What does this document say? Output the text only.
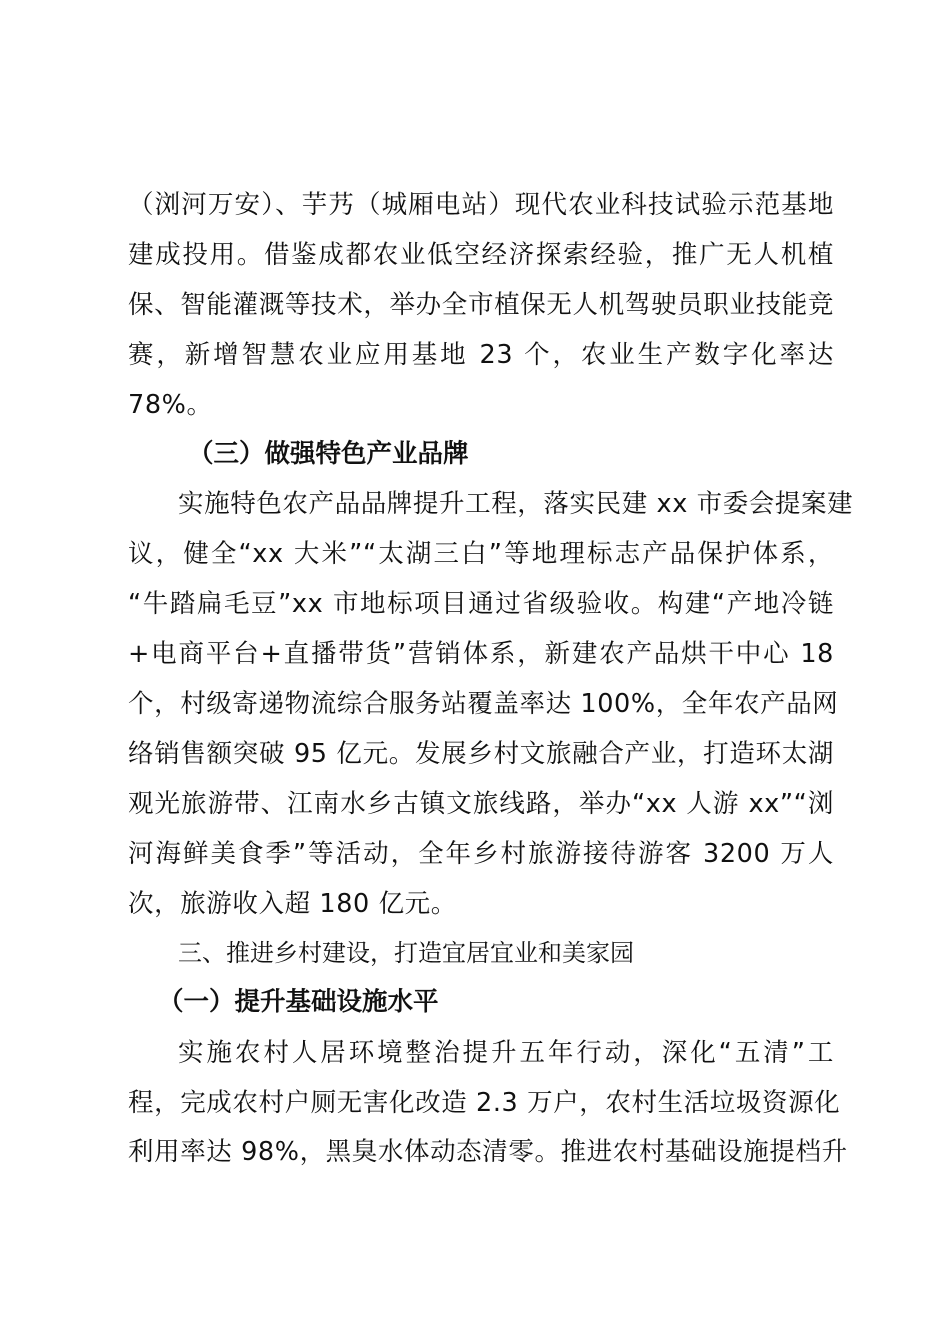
（浏河万安）、芋艿（城厢电站）现代农业科技试验示范基地
建成投用。借鉴成都农业低空经济探索经验，推广无人机植
保、智能灌溉等技术，举办全市植保无人机驾驶员职业技能竞
赛，新增智慧农业应用基地 23 个，农业生产数字化率达
78%。
（三）做强特色产业品牌
实施特色农产品品牌提升工程，落实民建 xx 市委会提案建
议，健全“xx 大米”“太湖三白”等地理标志产品保护体系，
“牛踏扁毛豆”xx 市地标项目通过省级验收。构建“产地冷链
+电商平台+直播带货”营销体系，新建农产品烘干中心 18
个，村级寄递物流综合服务站覆盖率达 100%，全年农产品网
络销售额突破 95 亿元。发展乡村文旅融合产业，打造环太湖
观光旅游带、江南水乡古镇文旅线路，举办“xx 人游 xx”“浏
河海鲜美食季”等活动，全年乡村旅游接待游客 3200 万人
次，旅游收入超 180 亿元。
三、推进乡村建设，打造宜居宜业和美家园
（一）提升基础设施水平
实施农村人居环境整治提升五年行动，深化“五清”工
程，完成农村户厕无害化改造 2.3 万户，农村生活垃圾资源化
利用率达 98%，黑臭水体动态清零。推进农村基础设施提档升
